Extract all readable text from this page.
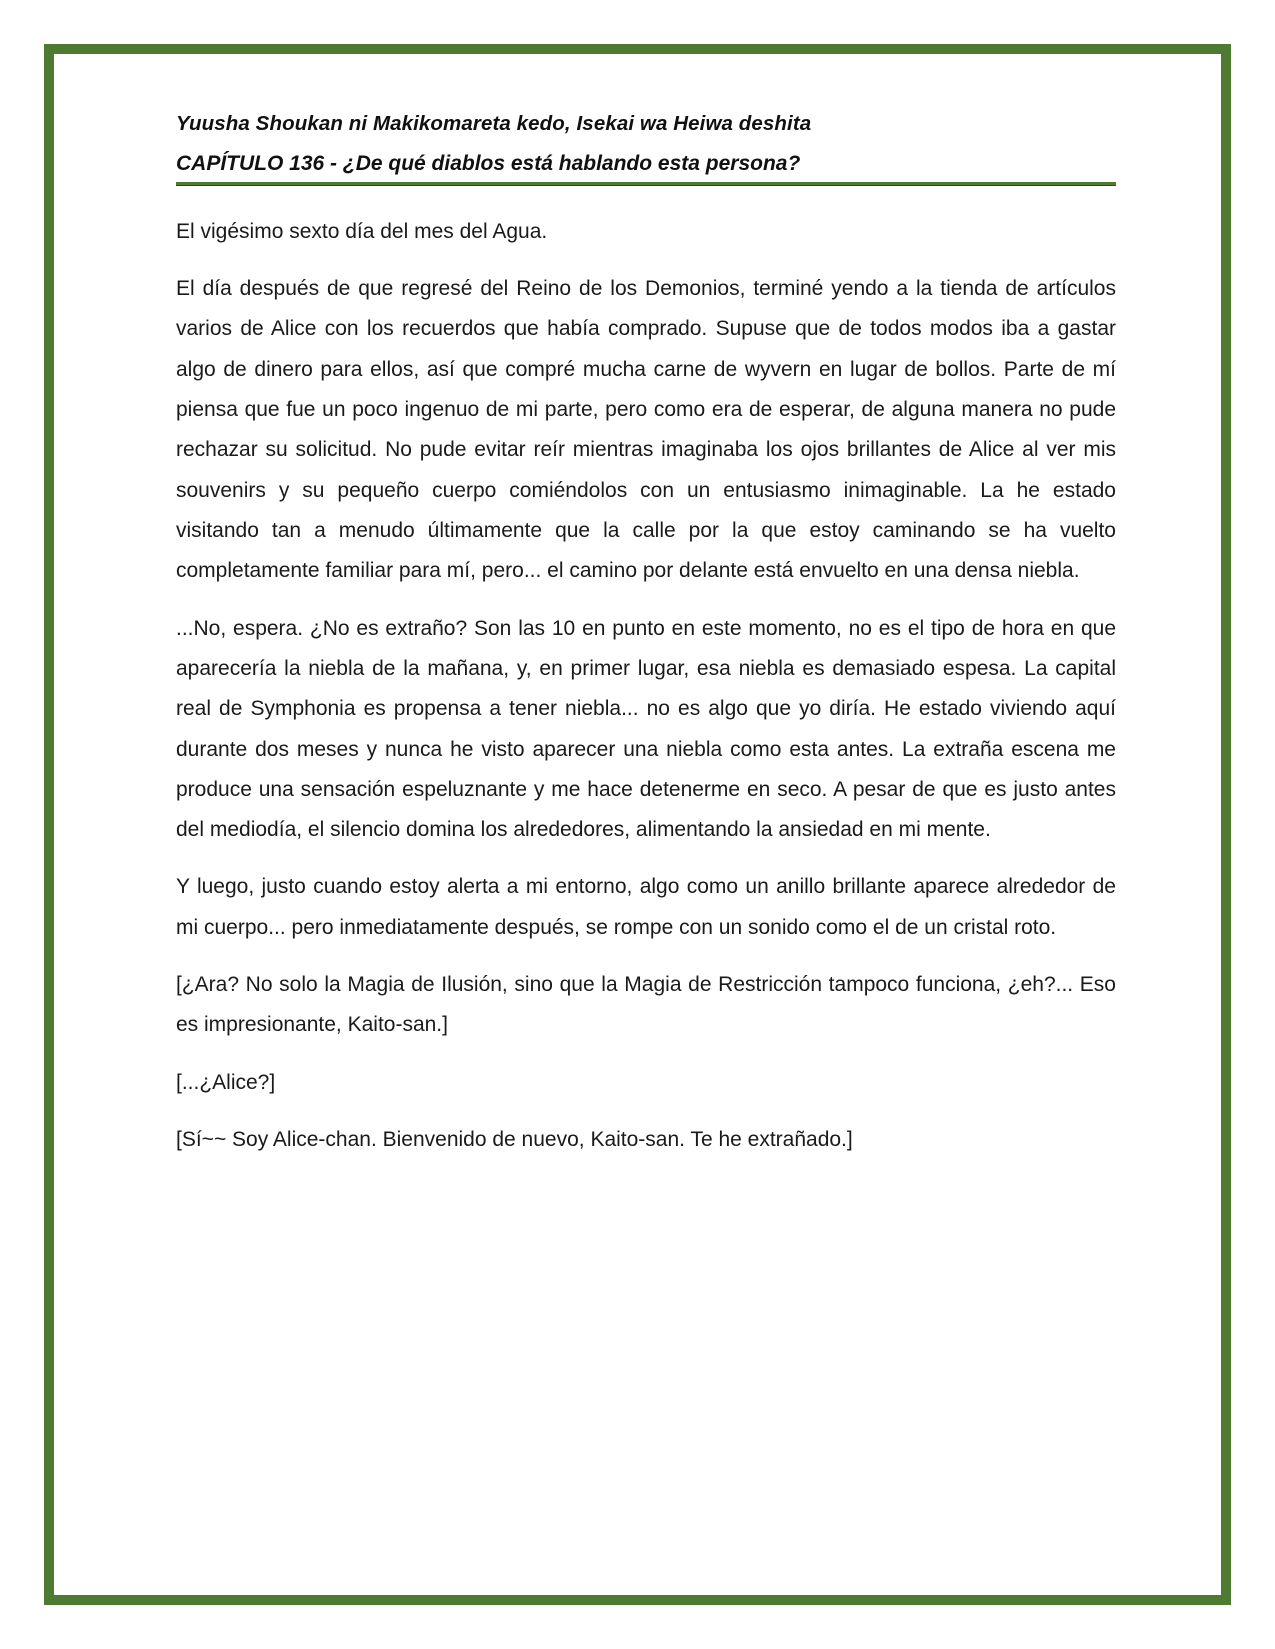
Yuusha Shoukan ni Makikomareta kedo, Isekai wa Heiwa deshita
CAPÍTULO 136 - ¿De qué diablos está hablando esta persona?

El vigésimo sexto día del mes del Agua.

El día después de que regresé del Reino de los Demonios, terminé yendo a la tienda de artículos varios de Alice con los recuerdos que había comprado. Supuse que de todos modos iba a gastar algo de dinero para ellos, así que compré mucha carne de wyvern en lugar de bollos. Parte de mí piensa que fue un poco ingenuo de mi parte, pero como era de esperar, de alguna manera no pude rechazar su solicitud. No pude evitar reír mientras imaginaba los ojos brillantes de Alice al ver mis souvenirs y su pequeño cuerpo comiéndolos con un entusiasmo inimaginable. La he estado visitando tan a menudo últimamente que la calle por la que estoy caminando se ha vuelto completamente familiar para mí, pero... el camino por delante está envuelto en una densa niebla.

...No, espera. ¿No es extraño? Son las 10 en punto en este momento, no es el tipo de hora en que aparecería la niebla de la mañana, y, en primer lugar, esa niebla es demasiado espesa. La capital real de Symphonia es propensa a tener niebla... no es algo que yo diría. He estado viviendo aquí durante dos meses y nunca he visto aparecer una niebla como esta antes. La extraña escena me produce una sensación espeluznante y me hace detenerme en seco. A pesar de que es justo antes del mediodía, el silencio domina los alrededores, alimentando la ansiedad en mi mente.

Y luego, justo cuando estoy alerta a mi entorno, algo como un anillo brillante aparece alrededor de mi cuerpo... pero inmediatamente después, se rompe con un sonido como el de un cristal roto.

[¿Ara? No solo la Magia de Ilusión, sino que la Magia de Restricción tampoco funciona, ¿eh?... Eso es impresionante, Kaito-san.]

[...¿Alice?]

[Sí~~ Soy Alice-chan. Bienvenido de nuevo, Kaito-san. Te he extrañado.]
